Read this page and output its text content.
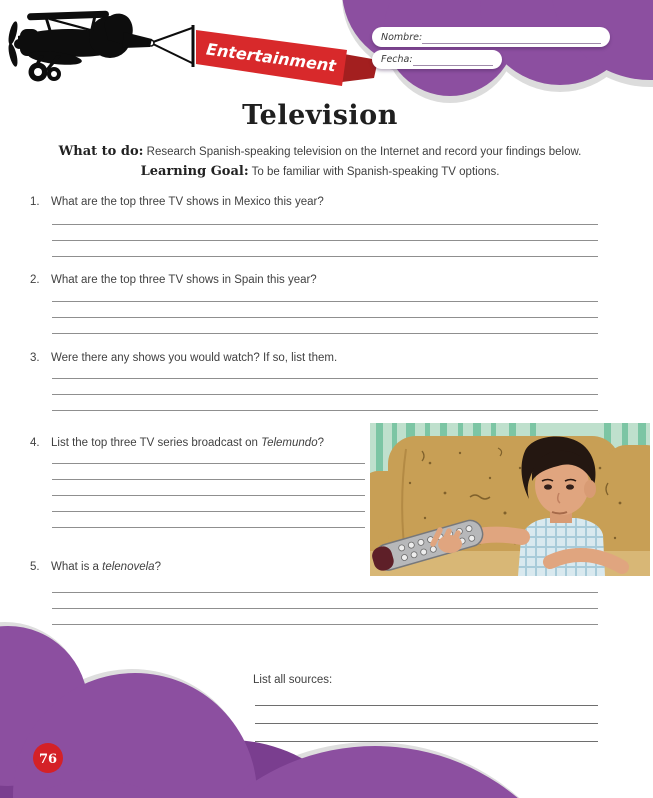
Entertainment
Nombre:
Fecha:
Television
What to do: Research Spanish-speaking television on the Internet and record your findings below.
Learning Goal: To be familiar with Spanish-speaking TV options.
1. What are the top three TV shows in Mexico this year?
2. What are the top three TV shows in Spain this year?
3. Were there any shows you would watch? If so, list them.
4. List the top three TV series broadcast on Telemundo?
5. What is a telenovela?
List all sources:
76
